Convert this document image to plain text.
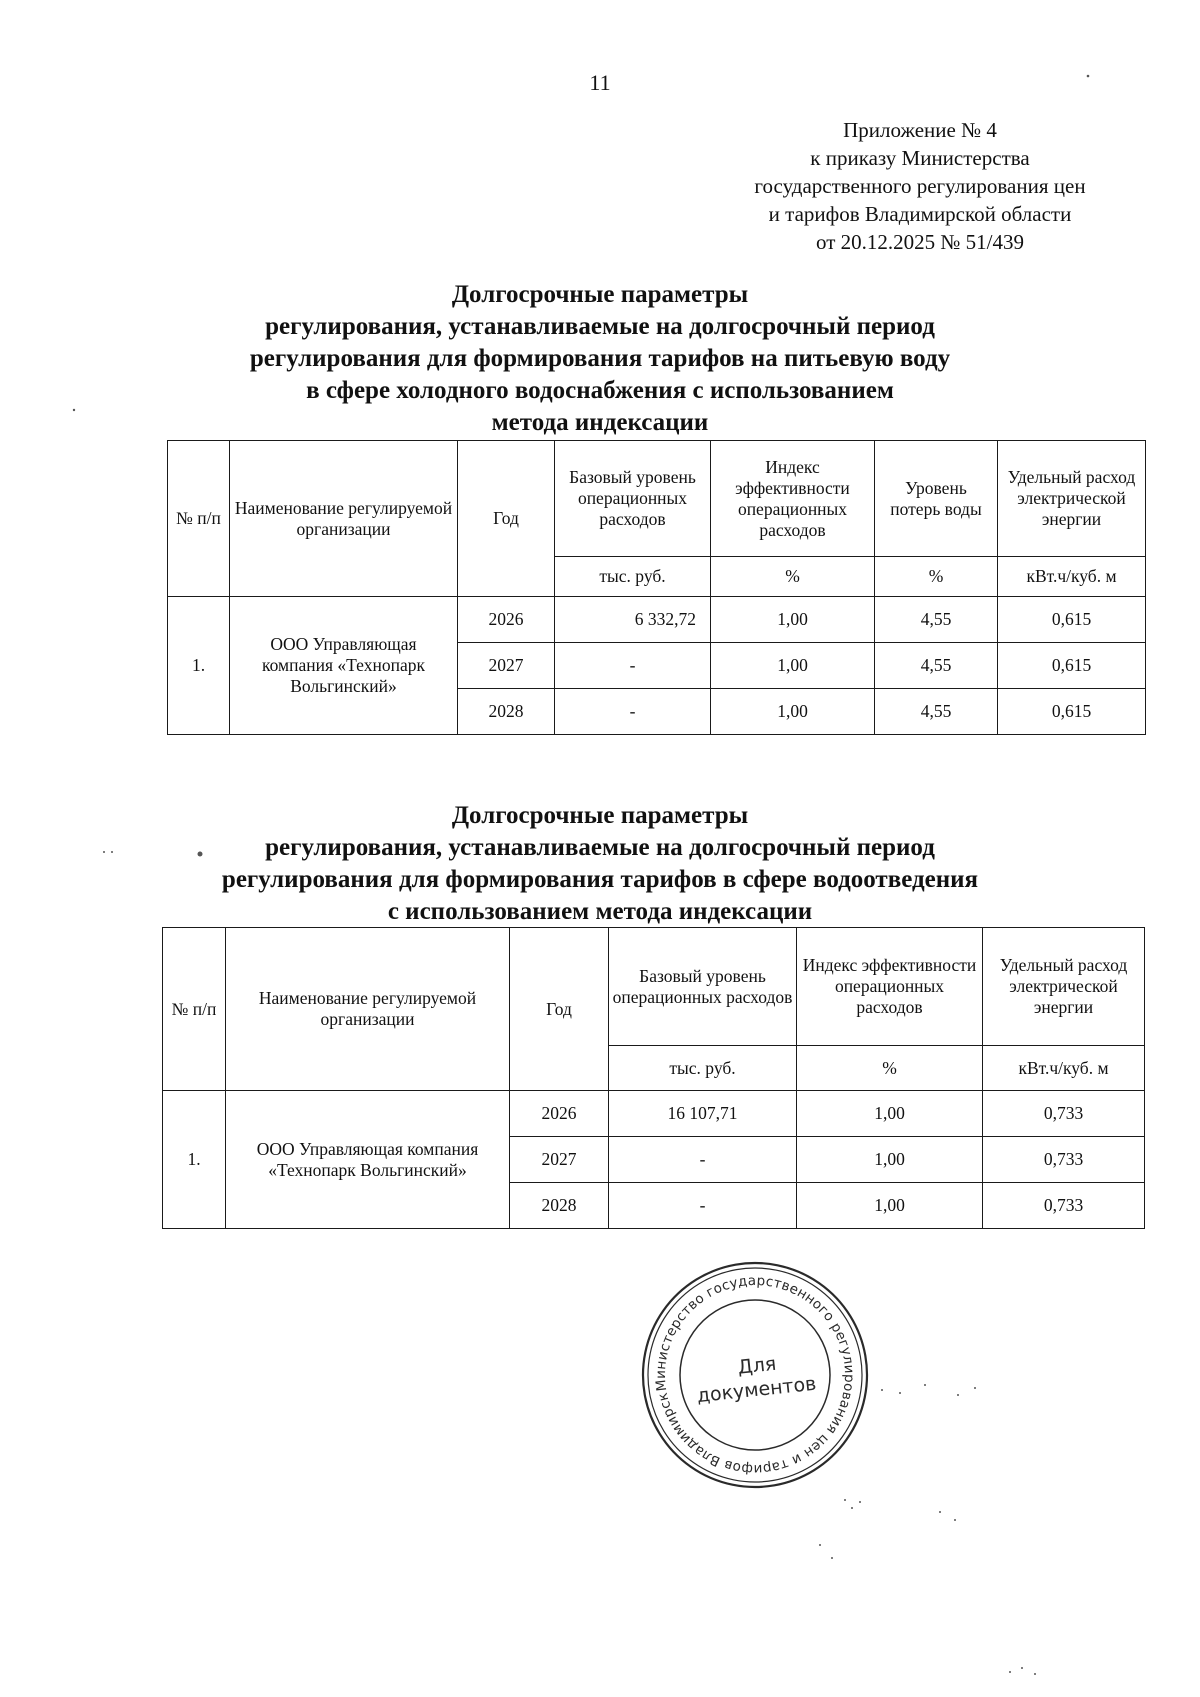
11
Приложение № 4
к приказу Министерства
государственного регулирования цен
и тарифов Владимирской области
от 20.12.2025 № 51/439
Долгосрочные параметры
регулирования, устанавливаемые на долгосрочный период
регулирования для формирования тарифов на питьевую воду
в сфере холодного водоснабжения с использованием
метода индексации
№ п/п	Наименование регулируемой организации	Год	Базовый уровень операционных расходов	Индекс эффективности операционных расходов	Уровень потерь воды	Удельный расход электрической энергии
			тыс. руб.	%	%	кВт.ч/куб. м
1.	ООО Управляющая компания «Технопарк Вольгинский»	2026	6 332,72	1,00	4,55	0,615
		2027	-	1,00	4,55	0,615
		2028	-	1,00	4,55	0,615
Долгосрочные параметры
регулирования, устанавливаемые на долгосрочный период
регулирования для формирования тарифов в сфере водоотведения
с использованием метода индексации
№ п/п	Наименование регулируемой организации	Год	Базовый уровень операционных расходов	Индекс эффективности операционных расходов	Удельный расход электрической энергии
			тыс. руб.	%	кВт.ч/куб. м
1.	ООО Управляющая компания «Технопарк Вольгинский»	2026	16 107,71	1,00	0,733
		2027	-	1,00	0,733
		2028	-	1,00	0,733
Министерство государственного регулирования цен и тарифов Владимирской
Для
документов
